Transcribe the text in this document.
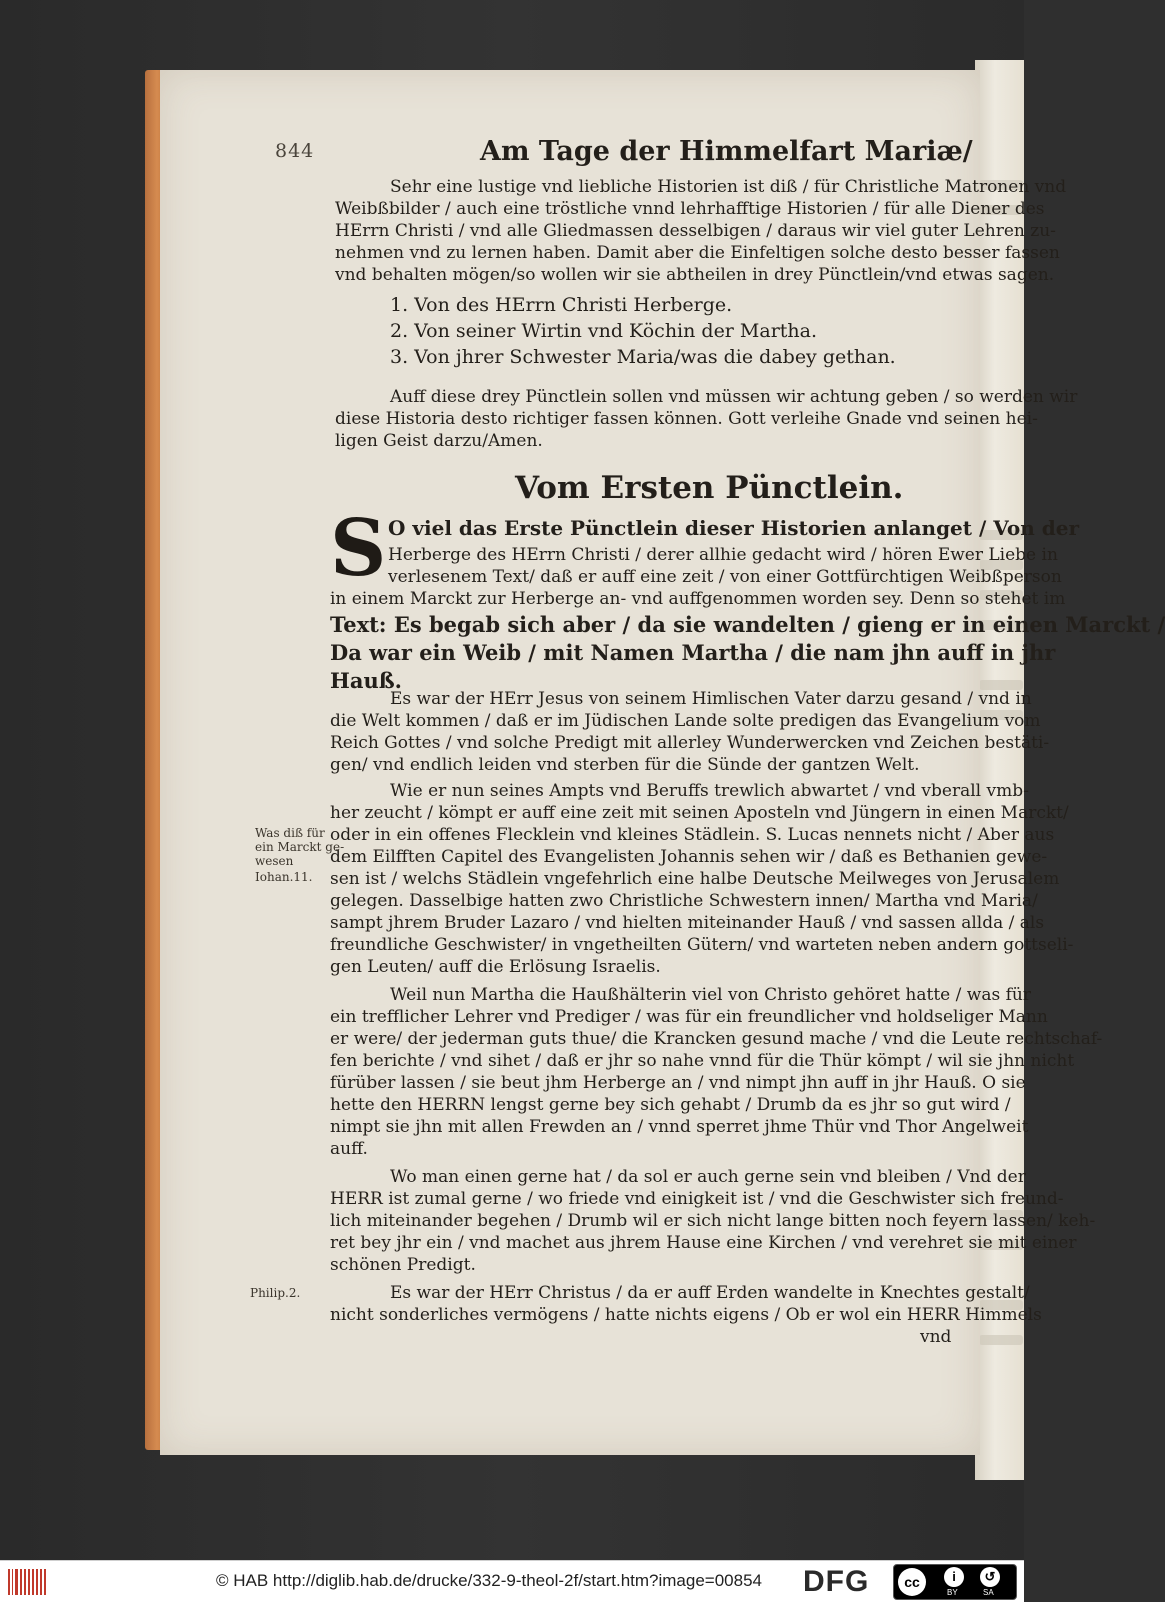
844	Am Tage der Himmelfart Mariæ/
Sehr eine lustige vnd liebliche Historien ist diß / für Christliche Matronen vnd
Weibßbilder / auch eine tröstliche vnnd lehrhafftige Historien / für alle Diener des
HErrn Christi / vnd alle Gliedmassen desselbigen / daraus wir viel guter Lehren zu-
nehmen vnd zu lernen haben. Damit aber die Einfeltigen solche desto besser fassen
vnd behalten mögen/so wollen wir sie abtheilen in drey Pünctlein/vnd etwas sagen.
1. Von des HErrn Christi Herberge.
2. Von seiner Wirtin vnd Köchin der Martha.
3. Von jhrer Schwester Maria/was die dabey gethan.
Auff diese drey Pünctlein sollen vnd müssen wir achtung geben / so werden wir
diese Historia desto richtiger fassen können. Gott verleihe Gnade vnd seinen hei-
ligen Geist darzu/Amen.
Vom Ersten Pünctlein.
S O viel das Erste Pünctlein dieser Historien anlanget / Von der
Herberge des HErrn Christi / derer allhie gedacht wird / hören Ewer Liebe in
verlesenem Text/ daß er auff eine zeit / von einer Gottfürchtigen Weibßperson
in einem Marckt zur Herberge an- vnd auffgenommen worden sey. Denn so stehet im
Text: Es begab sich aber / da sie wandelten / gieng er in einen Marckt /
Da war ein Weib / mit Namen Martha / die nam jhn auff in jhr
Hauß.
Es war der HErr Jesus von seinem Himlischen Vater darzu gesand / vnd in
die Welt kommen / daß er im Jüdischen Lande solte predigen das Evangelium vom
Reich Gottes / vnd solche Predigt mit allerley Wunderwercken vnd Zeichen bestäti-
gen/ vnd endlich leiden vnd sterben für die Sünde der gantzen Welt.
Wie er nun seines Ampts vnd Beruffs trewlich abwartet / vnd vberall vmb-
her zeucht / kömpt er auff eine zeit mit seinen Aposteln vnd Jüngern in einen Marckt/
oder in ein offenes Flecklein vnd kleines Städlein. S. Lucas nennets nicht / Aber aus
dem Eilfften Capitel des Evangelisten Johannis sehen wir / daß es Bethanien gewe-
sen ist / welchs Städlein vngefehrlich eine halbe Deutsche Meilweges von Jerusalem
gelegen. Dasselbige hatten zwo Christliche Schwestern innen/ Martha vnd Maria/
sampt jhrem Bruder Lazaro / vnd hielten miteinander Hauß / vnd sassen allda / als
freundliche Geschwister/ in vngetheilten Gütern/ vnd warteten neben andern gottseli-
gen Leuten/ auff die Erlösung Israelis.
Weil nun Martha die Haußhälterin viel von Christo gehöret hatte / was für
ein trefflicher Lehrer vnd Prediger / was für ein freundlicher vnd holdseliger Mann
er were/ der jederman guts thue/ die Krancken gesund mache / vnd die Leute rechtschaf-
fen berichte / vnd sihet / daß er jhr so nahe vnnd für die Thür kömpt / wil sie jhn nicht
fürüber lassen / sie beut jhm Herberge an / vnd nimpt jhn auff in jhr Hauß. O sie
hette den HERRN lengst gerne bey sich gehabt / Drumb da es jhr so gut wird /
nimpt sie jhn mit allen Frewden an / vnnd sperret jhme Thür vnd Thor Angelweit
auff.
Wo man einen gerne hat / da sol er auch gerne sein vnd bleiben / Vnd der
HERR ist zumal gerne / wo friede vnd einigkeit ist / vnd die Geschwister sich freund-
lich miteinander begehen / Drumb wil er sich nicht lange bitten noch feyern lassen/ keh-
ret bey jhr ein / vnd machet aus jhrem Hause eine Kirchen / vnd verehret sie mit einer
schönen Predigt.
Es war der HErr Christus / da er auff Erden wandelte in Knechtes gestalt/
nicht sonderliches vermögens / hatte nichts eigens / Ob er wol ein HERR Himmels
vnd
Was diß für
ein Marckt ge-
wesen
Iohan.11.
Philip.2.
© HAB http://diglib.hab.de/drucke/332-9-theol-2f/start.htm?image=00854 DFG	cc	i	↺
BY	SA
